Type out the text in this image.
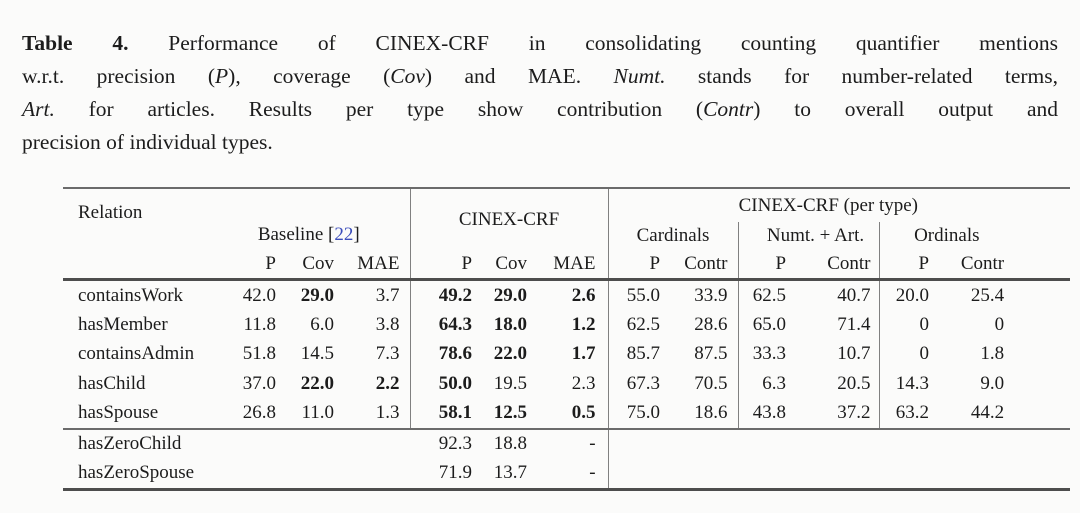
Table 4. Performance of CINEX-CRF in consolidating counting quantifier mentions
w.r.t. precision (P), coverage (Cov) and MAE. Numt. stands for number-related terms,
Art. for articles. Results per type show contribution (Contr) to overall output and
precision of individual types.
Relation	Baseline [22]			CINEX-CRF			CINEX-CRF (per type)					
							Cardinals		Numt. + Art.		Ordinals	
	P	Cov	MAE	P	Cov	MAE	P	Contr	P	Contr	P	Contr
containsWork	42.0	29.0	3.7	49.2	29.0	2.6	55.0	33.9	62.5	40.7	20.0	25.4
hasMember	11.8	6.0	3.8	64.3	18.0	1.2	62.5	28.6	65.0	71.4	0	0
containsAdmin	51.8	14.5	7.3	78.6	22.0	1.7	85.7	87.5	33.3	10.7	0	1.8
hasChild	37.0	22.0	2.2	50.0	19.5	2.3	67.3	70.5	6.3	20.5	14.3	9.0
hasSpouse	26.8	11.0	1.3	58.1	12.5	0.5	75.0	18.6	43.8	37.2	63.2	44.2
hasZeroChild				92.3	18.8	-						
hasZeroSpouse				71.9	13.7	-						
